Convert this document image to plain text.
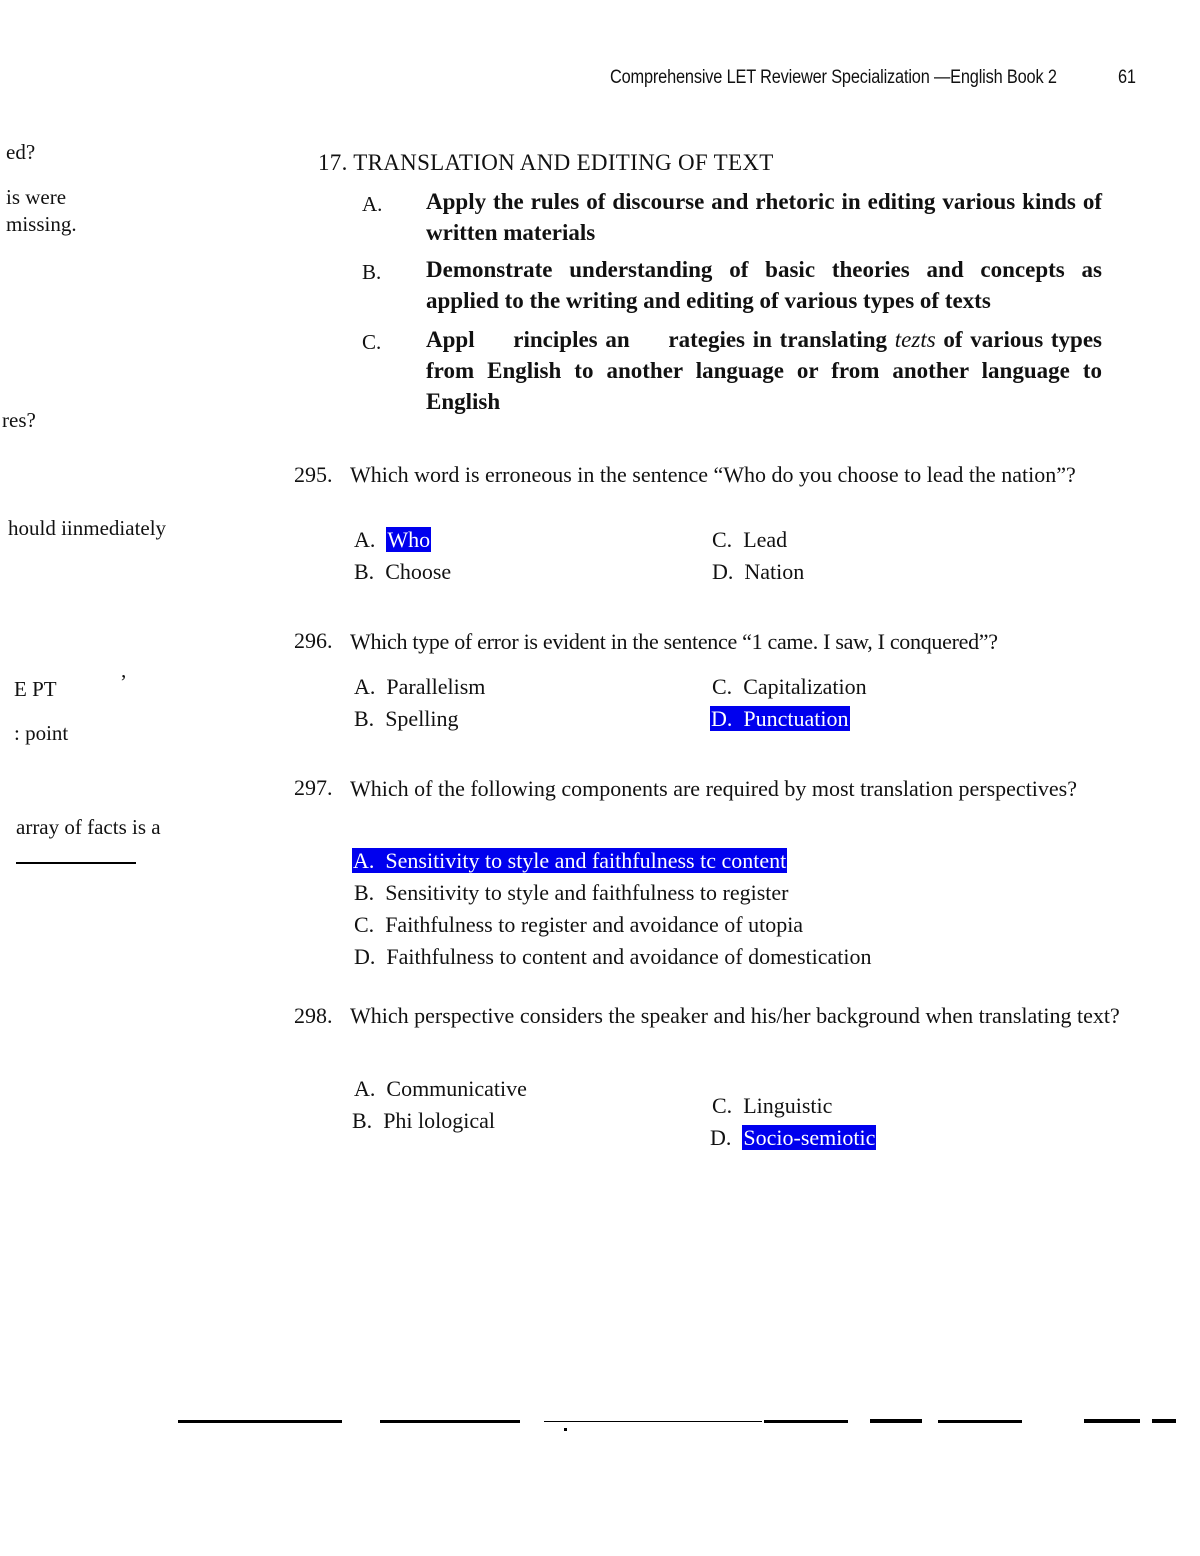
Comprehensive LET Reviewer Specialization —English Book 2	61
ed?
is were
missing.
res?
hould iinmediately
E PT	’
: point
array of facts is a
17. TRANSLATION AND EDITING OF TEXT
A. Apply the rules of discourse and rhetoric in editing various kinds of written materials
B. Demonstrate understanding of basic theories and concepts as applied to the writing and editing of various types of texts
C. Appl     rinciples an     rategies in translating tezts of various types from English to another language or from another language to English
295. Which word is erroneous in the sentence “Who do you choose to lead the nation”?
A. Who
B. Choose
C. Lead
D. Nation
296. Which type of error is evident in the sentence “1 came. I saw, I conquered”?
A. Parallelism
B. Spelling
C. Capitalization
D. Punctuation
297. Which of the following components are required by most translation perspectives?
A. Sensitivity to style and faithfulness tc content
B. Sensitivity to style and faithfulness to register
C. Faithfulness to register and avoidance of utopia
D. Faithfulness to content and avoidance of domestication
298. Which perspective considers the speaker and his/her background when translating text?
A. Communicative
B. Phi lological
C. Linguistic
D. Socio-semiotic
